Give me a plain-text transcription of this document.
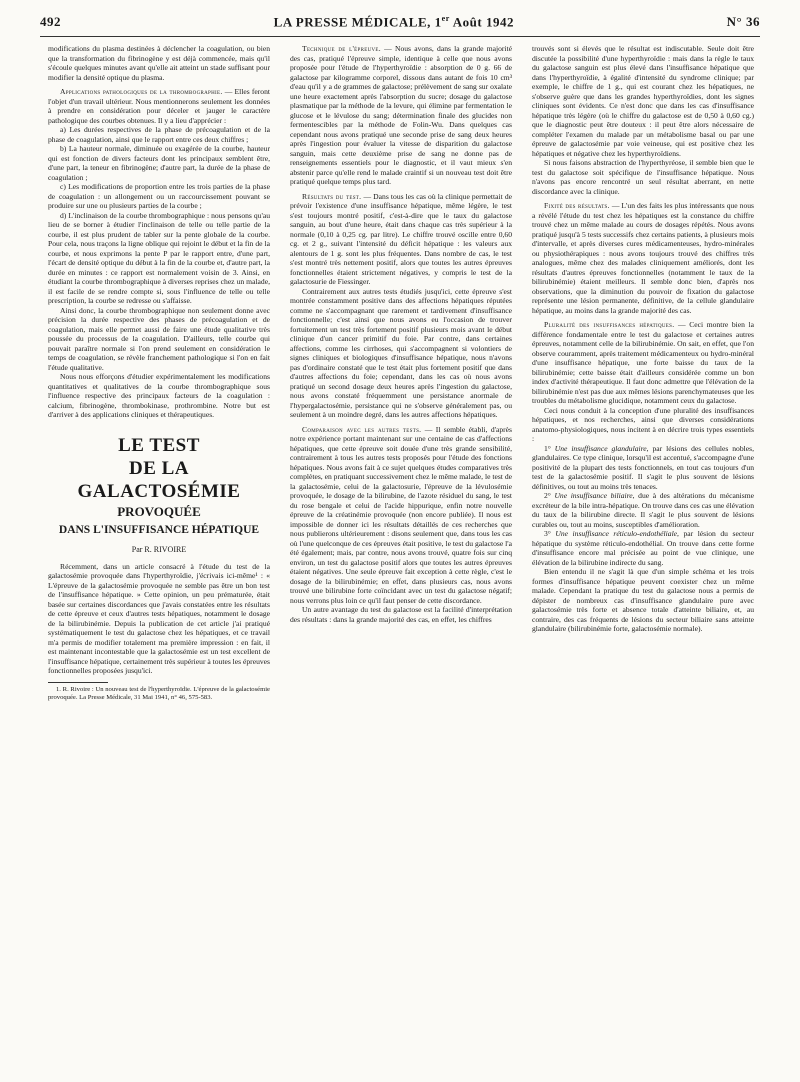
492	LA PRESSE MÉDICALE, 1er Août 1942	N° 36

modifications du plasma destinées à déclencher la coagulation, ou bien que la transformation du fibrinogène y est déjà commencée, mais qu'il s'écoule quelques minutes avant qu'elle ait atteint un stade suffisant pour modifier la densité optique du plasma.

Applications pathologiques de la thrombographie. — Elles feront l'objet d'un travail ultérieur. Nous mentionnerons seulement les données à prendre en considération pour déceler et jauger le caractère pathologique des courbes obtenues. Il y a lieu d'apprécier :

a) Les durées respectives de la phase de précoagulation et de la phase de coagulation, ainsi que le rapport entre ces deux chiffres ;

b) La hauteur normale, diminuée ou exagérée de la courbe, hauteur qui est fonction de divers facteurs dont les principaux semblent être, d'une part, la teneur en fibrinogène; d'autre part, la durée de la phase de coagulation ;

c) Les modifications de proportion entre les trois parties de la phase de coagulation : un allongement ou un raccourcissement pouvant se produire sur une ou plusieurs parties de la courbe ;

d) L'inclinaison de la courbe thrombographique : nous pensons qu'au lieu de se borner à étudier l'inclinaison de telle ou telle partie de la courbe, il est plus prudent de tabler sur la pente globale de la courbe. Pour cela, nous traçons la ligne oblique qui rejoint le début et la fin de la courbe, et nous exprimons la pente P par le rapport entre, d'une part, l'écart de densité optique du début à la fin de la courbe et, d'autre part, la durée en minutes : ce rapport est normalement voisin de 3. Ainsi, en étudiant la courbe thrombographique à diverses reprises chez un malade, il est facile de se rendre compte si, sous l'influence de telle ou telle prescription, la courbe se redresse ou s'affaisse.

Ainsi donc, la courbe thrombographique non seulement donne avec précision la durée respective des phases de précoagulation et de coagulation, mais elle permet aussi de faire une étude qualitative très poussée du processus de la coagulation. D'ailleurs, telle courbe qui pouvait paraître normale si l'on prend seulement en considération le temps de coagulation, se révèle franchement pathologique si l'on en fait l'étude qualitative.

Nous nous efforçons d'étudier expérimentalement les modifications quantitatives et qualitatives de la courbe thrombographique sous l'influence respective des principaux facteurs de la coagulation : calcium, fibrinogène, thrombokinase, prothrombine. Notre but est d'arriver à des applications cliniques et thérapeutiques.

LE TEST
DE LA GALACTOSÉMIE
PROVOQUÉE
DANS L'INSUFFISANCE HÉPATIQUE
Par R. RIVOIRE

Récemment, dans un article consacré à l'étude du test de la galactosémie provoquée dans l'hyperthyroïdie, j'écrivais ici-même¹ : « L'épreuve de la galactosémie provoquée ne semble pas être un bon test de l'insuffisance hépatique. » Cette opinion, un peu prématurée, était basée sur certaines discordances que j'avais constatées entre les résultats de cette épreuve et ceux d'autres tests hépatiques, notamment le dosage de la bilirubinémie. Depuis la publication de cet article j'ai pratiqué systématiquement le test du galactose chez les hépatiques, et ce travail m'a permis de modifier totalement ma première impression : en fait, il est maintenant incontestable que la galactosémie est un test excellent de l'insuffisance hépatique, certainement très supérieur à toutes les épreuves fonctionnelles proposées jusqu'ici.

1. R. Rivoire : Un nouveau test de l'hyperthyroïdie. L'épreuve de la galactosémie provoquée. La Presse Médicale, 31 Mai 1941, n° 46, 575-583.

Technique de l'épreuve. — Nous avons, dans la grande majorité des cas, pratiqué l'épreuve simple, identique à celle que nous avons proposée pour l'étude de l'hyperthyroïdie : absorption de 0 g. 66 de galactose par kilogramme corporel, dissous dans autant de fois 10 cm³ d'eau qu'il y a de grammes de galactose; prélèvement de sang sur oxalate une heure exactement après l'absorption du sucre; dosage du galactose plasmatique par la méthode de la levure, qui élimine par fermentation le glucose et le lévulose du sang; détermination finale des glucides non fermentescibles par la méthode de Folin-Wu. Dans quelques cas cependant nous avons pratiqué une seconde prise de sang deux heures après l'ingestion pour évaluer la vitesse de disparition du galactose sanguin, mais cette deuxième prise de sang ne donne pas de renseignements essentiels pour le diagnostic, et il vaut mieux s'en abstenir parce qu'elle rend le malade craintif si un nouveau test doit être pratiqué quelque temps plus tard.

Résultats du test. — Dans tous les cas où la clinique permettait de prévoir l'existence d'une insuffisance hépatique, même légère, le test s'est toujours montré positif, c'est-à-dire que le taux du galactose sanguin, au bout d'une heure, était dans chaque cas très supérieur à la normale (0,10 à 0,25 cg. par litre). Le chiffre trouvé oscille entre 0,60 cg. et 2 g., suivant l'intensité du déficit hépatique : les valeurs aux alentours de 1 g. sont les plus fréquentes. Dans nombre de cas, le test s'est montré très nettement positif, alors que toutes les autres épreuves fonctionnelles étaient strictement négatives, y compris le test de la galactosurie de Fiessinger.

Contrairement aux autres tests étudiés jusqu'ici, cette épreuve s'est montrée constamment positive dans des affections hépatiques réputées comme ne s'accompagnant que rarement et tardivement d'insuffisance fonctionnelle; c'est ainsi que nous avons eu l'occasion de trouver fortuitement un test très fortement positif plusieurs mois avant le début clinique d'un cancer primitif du foie. Par contre, dans certaines affections, comme les cirrhoses, qui s'accompagnent si volontiers de signes cliniques et biologiques d'insuffisance hépatique, nous n'avons pas d'ordinaire constaté que le test était plus fortement positif que dans d'autres affections du foie; cependant, dans les cas où nous avons pratiqué un second dosage deux heures après l'ingestion du galactose, nous avons constaté fréquemment une persistance anormale de l'hypergalactosémie, persistance qui ne s'observe généralement pas, ou seulement à un moindre degré, dans les autres affections hépatiques.

Comparaison avec les autres tests. — Il semble établi, d'après notre expérience portant maintenant sur une centaine de cas d'affections hépatiques, que cette épreuve soit douée d'une très grande sensibilité, contrairement à tous les autres tests proposés pour l'étude des fonctions hépatiques. Nous avons fait à ce sujet quelques études comparatives très complètes, en pratiquant successivement chez le même malade, le test de la galactosémie, celui de la galactosurie, l'épreuve de la lévulosémie provoquée, le dosage de la bilirubine, de l'azote résiduel du sang, le test du rose bengale et celui de l'acide hippurique, enfin notre nouvelle épreuve de la créatinémie provoquée (non encore publiée). Il nous est impossible de donner ici les résultats détaillés de ces recherches que nous publierons ultérieurement : disons seulement que, dans tous les cas où l'une quelconque de ces épreuves était positive, le test du galactose l'a été également; mais, par contre, nous avons trouvé, quatre fois sur cinq environ, un test du galactose positif alors que toutes les autres épreuves étaient négatives. Une seule épreuve fait exception à cette règle, c'est le dosage de la bilirubinémie; en effet, dans plusieurs cas, nous avons trouvé une bilirubine forte coïncidant avec un test du galactose négatif; nous verrons plus loin ce qu'il faut penser de cette discordance.

Un autre avantage du test du galactose est la facilité d'interprétation des résultats : dans la grande majorité des cas, en effet, les chiffres

trouvés sont si élevés que le résultat est indiscutable. Seule doit être discutée la possibilité d'une hyperthyroïdie : mais dans la règle le taux du galactose sanguin est plus élevé dans l'insuffisance hépatique que dans l'hyperthyroïdie, à égalité d'intensité du syndrome clinique; par exemple, le chiffre de 1 g., qui est courant chez les hépatiques, ne s'observe guère que dans les grandes hyperthyroïdies, dont les signes cliniques sont évidents. Ce n'est donc que dans les cas d'insuffisance hépatique très légère (où le chiffre du galactose est de 0,50 à 0,60 cg.) que le diagnostic peut être douteux : il peut être alors nécessaire de compléter l'examen du malade par un métabolisme basal ou par une épreuve de galactosémie par voie veineuse, qui est positive chez les hépatiques et négative chez les hyperthyroïdiens.

Si nous faisons abstraction de l'hyperthyréose, il semble bien que le test du galactose soit spécifique de l'insuffisance hépatique. Nous n'avons pas encore rencontré un seul résultat aberrant, en nette discordance avec la clinique.

Fixité des résultats. — L'un des faits les plus intéressants que nous a révélé l'étude du test chez les hépatiques est la constance du chiffre trouvé chez un même malade au cours de dosages répétés. Nous avons pratiqué jusqu'à 5 tests successifs chez certains patients, à plusieurs mois d'intervalle, et après diverses cures médicamenteuses, hydro-minérales ou physiothérapiques : nous avons toujours trouvé des chiffres très analogues, même chez des malades cliniquement améliorés, dont les résultats d'autres épreuves fonctionnelles (notamment le taux de la bilirubinémie) étaient meilleurs. Il semble donc bien, d'après nos observations, que la diminution du pouvoir de fixation du galactose représente une lésion permanente, définitive, de la cellule glandulaire hépatique, au moins dans la grande majorité des cas.

Pluralité des insuffisances hépatiques. — Ceci montre bien la différence fondamentale entre le test du galactose et certaines autres épreuves, notamment celle de la bilirubinémie. On sait, en effet, que l'on observe couramment, après traitement médicamenteux ou hydro-minéral d'une insuffisance hépatique, une forte baisse du taux de la bilirubinémie; cette baisse était d'ailleurs considérée comme un bon index d'activité thérapeutique. Il faut donc admettre que l'élévation de la bilirubinémie n'est pas due aux mêmes lésions parenchymateuses que les troubles du métabolisme glucidique, notamment ceux du galactose.

Ceci nous conduit à la conception d'une pluralité des insuffisances hépatiques, et nos recherches, ainsi que diverses considérations anatomo-physiologiques, nous incitent à en décrire trois types essentiels :

1° Une insuffisance glandulaire, par lésions des cellules nobles, glandulaires. Ce type clinique, lorsqu'il est accentué, s'accompagne d'une positivité de la plupart des tests fonctionnels, en tout cas toujours d'un test de la galactosémie positif. Il s'agit le plus souvent de lésions définitives, ou tout au moins très tenaces.

2° Une insuffisance biliaire, due à des altérations du mécanisme excréteur de la bile intra-hépatique. On trouve dans ces cas une élévation du taux de la bilirubine directe. Il s'agit le plus souvent de lésions curables ou, tout au moins, susceptibles d'amélioration.

3° Une insuffisance réticulo-endothéliale, par lésion du secteur hépatique du système réticulo-endothélial. On trouve dans cette forme d'insuffisance encore mal précisée au point de vue clinique, une élévation de la bilirubine indirecte du sang.

Bien entendu il ne s'agit là que d'un simple schéma et les trois formes d'insuffisance hépatique peuvent coexister chez un même malade. Cependant la pratique du test du galactose nous a permis de dépister de nombreux cas d'insuffisance glandulaire pure avec galactosémie très forte et absence totale d'atteinte biliaire, et, au contraire, des cas fréquents de lésions du secteur biliaire sans atteinte glandulaire (bilirubinémie forte, galactosémie normale).
